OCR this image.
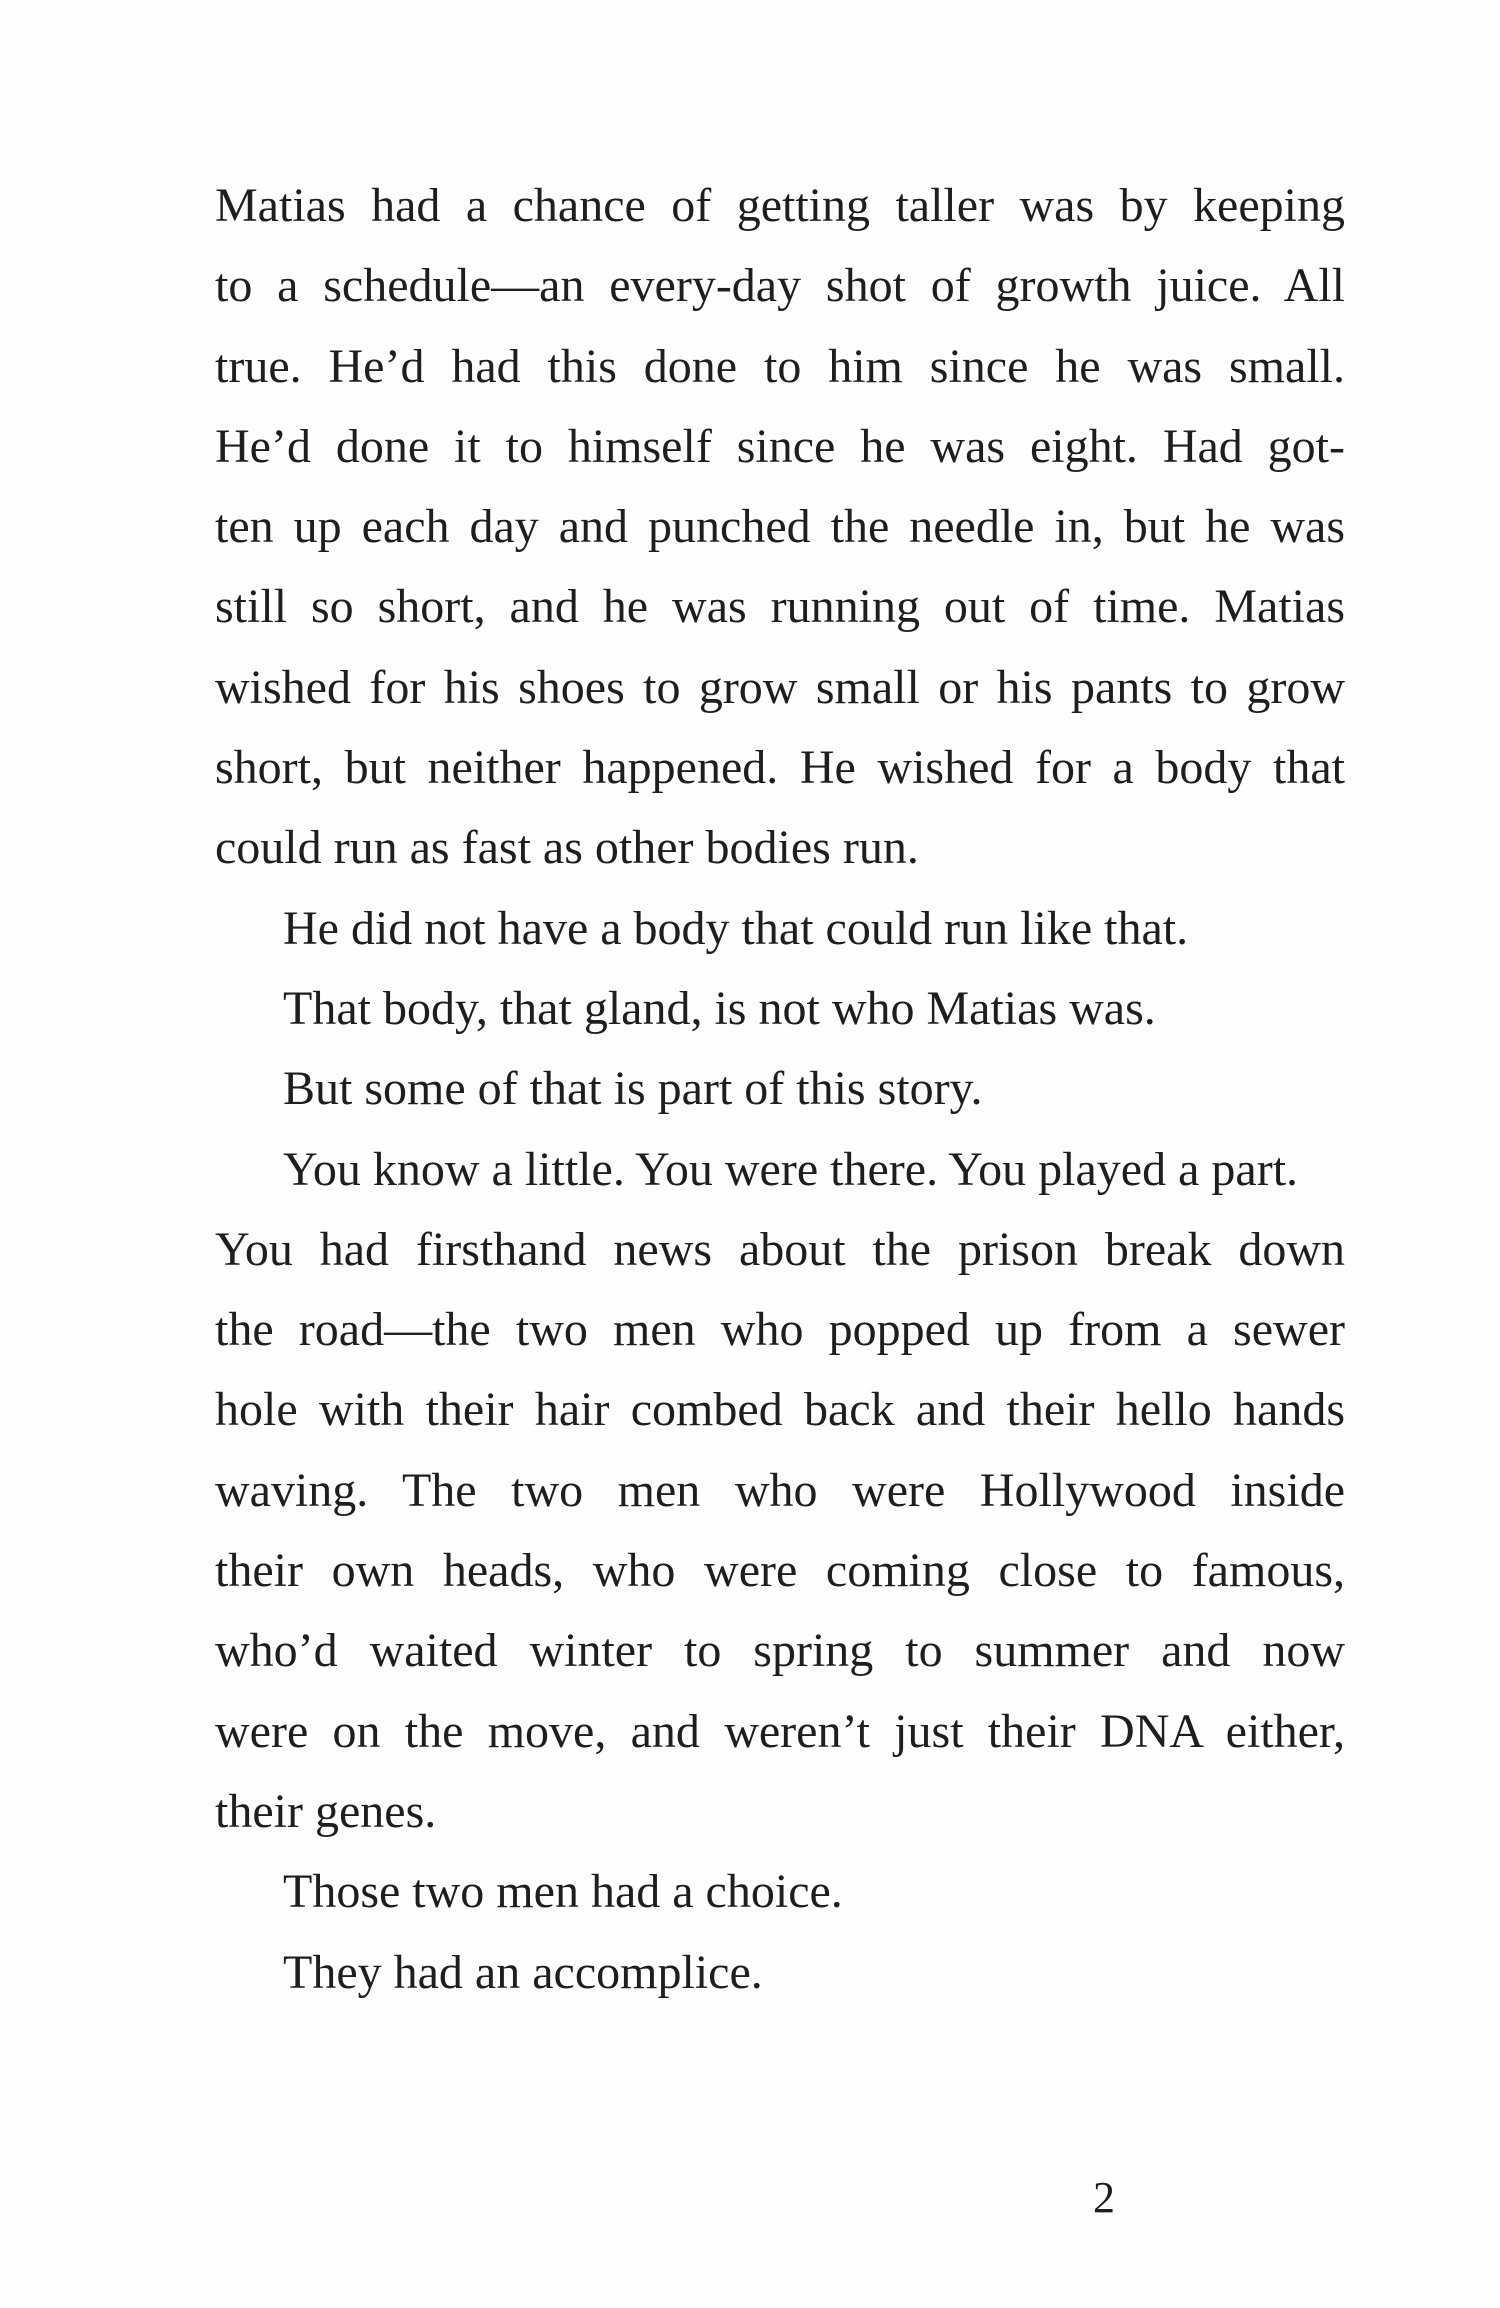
Matias had a chance of getting taller was by keeping
to a schedule—an every-day shot of growth juice. All
true. He’d had this done to him since he was small.
He’d done it to himself since he was eight. Had got-
ten up each day and punched the needle in, but he was
still so short, and he was running out of time. Matias
wished for his shoes to grow small or his pants to grow
short, but neither happened. He wished for a body that
could run as fast as other bodies run.
He did not have a body that could run like that.
That body, that gland, is not who Matias was.
But some of that is part of this story.
You know a little. You were there. You played a part.
You had firsthand news about the prison break down
the road—the two men who popped up from a sewer
hole with their hair combed back and their hello hands
waving. The two men who were Hollywood inside
their own heads, who were coming close to famous,
who’d waited winter to spring to summer and now
were on the move, and weren’t just their DNA either,
their genes.
Those two men had a choice.
They had an accomplice.
2
